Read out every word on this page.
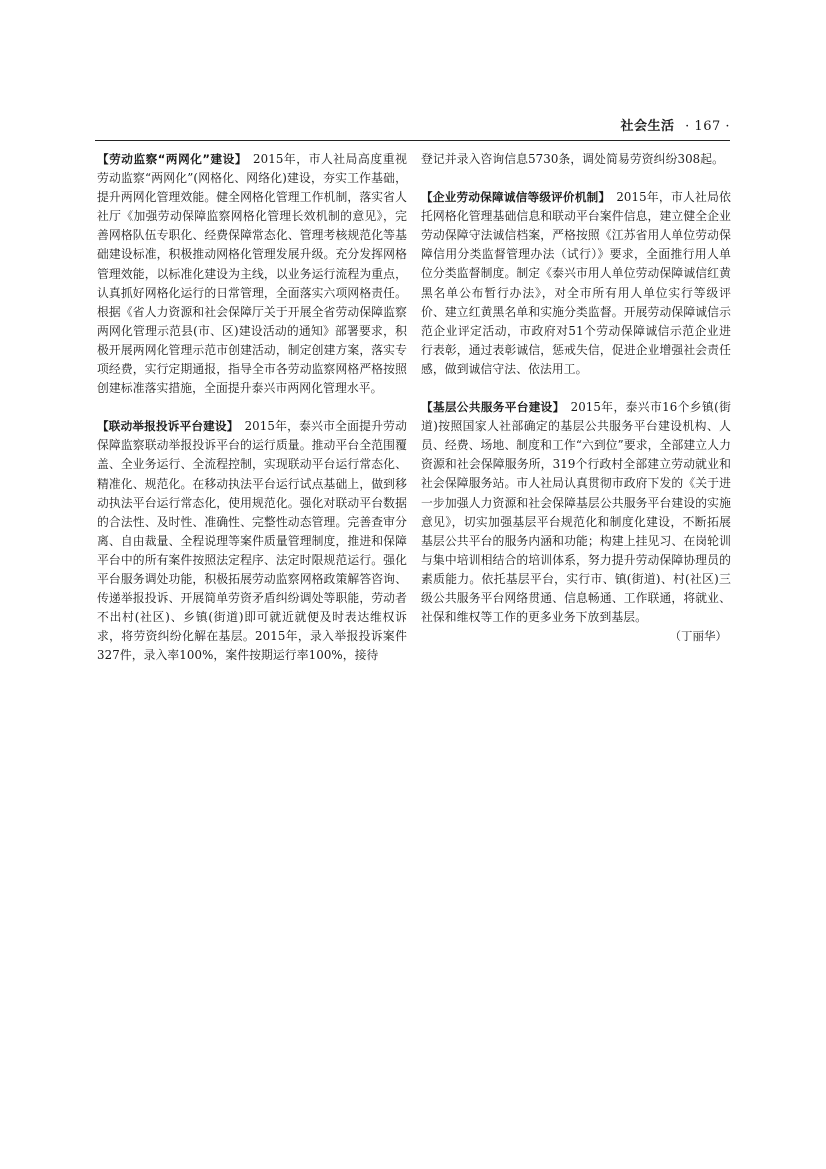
社会生活 · 167 ·

【劳动监察“两网化”建设】 2015年，市人社局高度重视劳动监察“两网化”(网格化、网络化)建设，夯实工作基础，提升两网化管理效能。健全网格化管理工作机制，落实省人社厅《加强劳动保障监察网格化管理长效机制的意见》，完善网格队伍专职化、经费保障常态化、管理考核规范化等基础建设标准，积极推动网格化管理发展升级。充分发挥网格管理效能，以标准化建设为主线，以业务运行流程为重点，认真抓好网格化运行的日常管理，全面落实六项网格责任。根据《省人力资源和社会保障厅关于开展全省劳动保障监察两网化管理示范县(市、区)建设活动的通知》部署要求，积极开展两网化管理示范市创建活动，制定创建方案，落实专项经费，实行定期通报，指导全市各劳动监察网格严格按照创建标准落实措施，全面提升泰兴市两网化管理水平。

【联动举报投诉平台建设】 2015年，泰兴市全面提升劳动保障监察联动举报投诉平台的运行质量。推动平台全范围覆盖、全业务运行、全流程控制，实现联动平台运行常态化、精准化、规范化。在移动执法平台运行试点基础上，做到移动执法平台运行常态化，使用规范化。强化对联动平台数据的合法性、及时性、准确性、完整性动态管理。完善查审分离、自由裁量、全程说理等案件质量管理制度，推进和保障平台中的所有案件按照法定程序、法定时限规范运行。强化平台服务调处功能，积极拓展劳动监察网格政策解答咨询、传递举报投诉、开展简单劳资矛盾纠纷调处等职能，劳动者不出村(社区)、乡镇(街道)即可就近就便及时表达维权诉求，将劳资纠纷化解在基层。2015年，录入举报投诉案件327件，录入率100%，案件按期运行率100%，接待

登记并录入咨询信息5730条，调处简易劳资纠纷308起。

【企业劳动保障诚信等级评价机制】 2015年，市人社局依托网格化管理基础信息和联动平台案件信息，建立健全企业劳动保障守法诚信档案，严格按照《江苏省用人单位劳动保障信用分类监督管理办法（试行）》要求，全面推行用人单位分类监督制度。制定《泰兴市用人单位劳动保障诚信红黄黑名单公布暂行办法》，对全市所有用人单位实行等级评价、建立红黄黑名单和实施分类监督。开展劳动保障诚信示范企业评定活动，市政府对51个劳动保障诚信示范企业进行表彰，通过表彰诚信，惩戒失信，促进企业增强社会责任感，做到诚信守法、依法用工。

【基层公共服务平台建设】 2015年，泰兴市16个乡镇(街道)按照国家人社部确定的基层公共服务平台建设机构、人员、经费、场地、制度和工作“六到位”要求，全部建立人力资源和社会保障服务所，319个行政村全部建立劳动就业和社会保障服务站。市人社局认真贯彻市政府下发的《关于进一步加强人力资源和社会保障基层公共服务平台建设的实施意见》，切实加强基层平台规范化和制度化建设，不断拓展基层公共平台的服务内涵和功能；构建上挂见习、在岗轮训与集中培训相结合的培训体系，努力提升劳动保障协理员的素质能力。依托基层平台，实行市、镇(街道)、村(社区)三级公共服务平台网络贯通、信息畅通、工作联通，将就业、社保和维权等工作的更多业务下放到基层。

（丁丽华）
